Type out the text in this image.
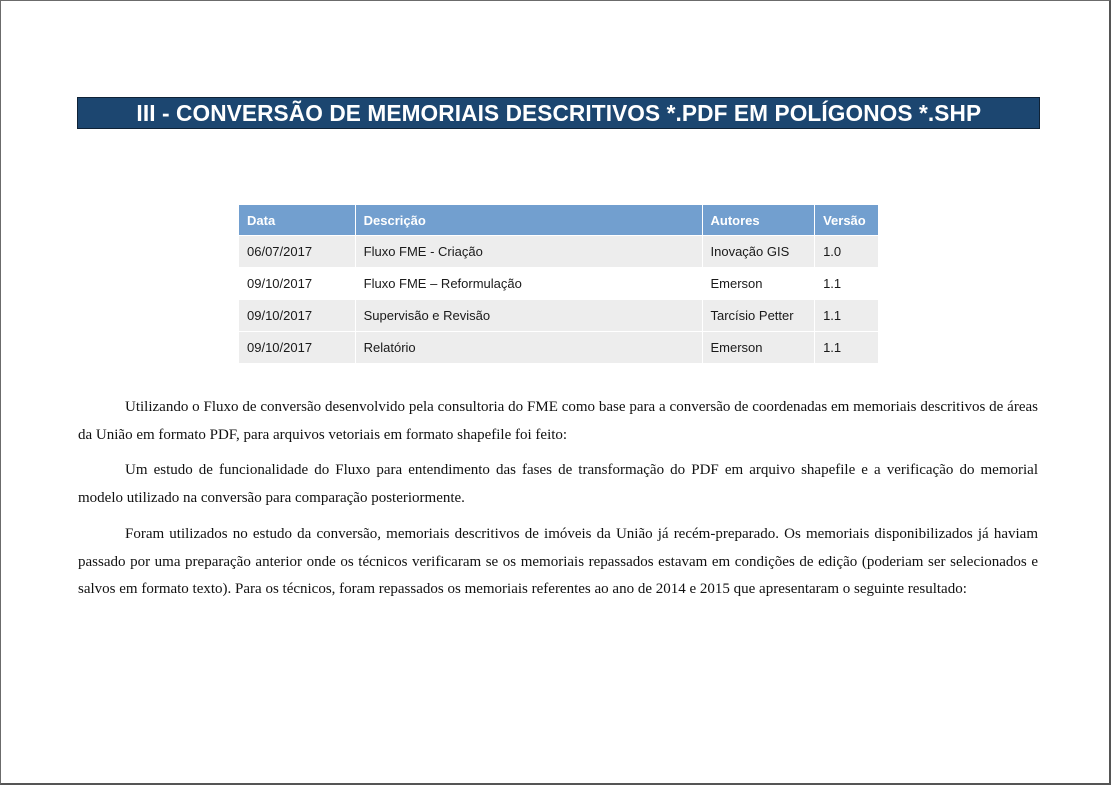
III - CONVERSÃO DE MEMORIAIS DESCRITIVOS *.PDF EM POLÍGONOS *.SHP
Data	Descrição	Autores	Versão
06/07/2017	Fluxo FME - Criação	Inovação GIS	1.0
09/10/2017	Fluxo FME – Reformulação	Emerson	1.1
09/10/2017	Supervisão e Revisão	Tarcísio Petter	1.1
09/10/2017	Relatório	Emerson	1.1

Utilizando o Fluxo de conversão desenvolvido pela consultoria do FME como base para a conversão de coordenadas em memoriais descritivos de áreas da União em formato PDF, para arquivos vetoriais em formato shapefile foi feito:

Um estudo de funcionalidade do Fluxo para entendimento das fases de transformação do PDF em arquivo shapefile e a verificação do memorial modelo utilizado na conversão para comparação posteriormente.

Foram utilizados no estudo da conversão, memoriais descritivos de imóveis da União já recém-preparado. Os memoriais disponibilizados já haviam passado por uma preparação anterior onde os técnicos verificaram se os memoriais repassados estavam em condições de edição (poderiam ser selecionados e salvos em formato texto). Para os técnicos, foram repassados os memoriais referentes ao ano de 2014 e 2015 que apresentaram o seguinte resultado:
